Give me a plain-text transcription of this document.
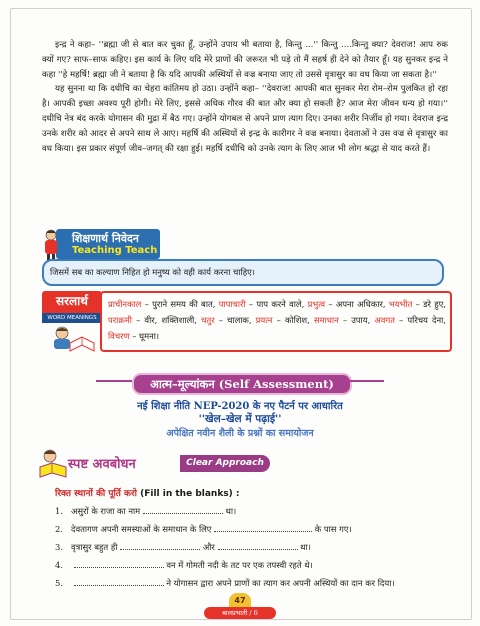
इन्द्र ने कहा– ''ब्रह्मा जी से बात कर चुका हूँ, उन्होंने उपाय भी बताया है, किन्तु ...'' किन्तु ....किन्तु क्या? देवराज! आप रुक क्यों गए? साफ–साफ कहिए। इस कार्य के लिए यदि मेरे प्राणों की जरूरत भी पड़े तो मैं सहर्ष ही देने को तैयार हूँ। यह सुनकर इन्द्र ने कहा ''हे महर्षि! ब्रह्मा जी ने बताया है कि यदि आपकी अस्थियों से वज्र बनाया जाए तो उससे वृत्रासुर का वध किया जा सकता है।''

यह सुनना था कि दधीचि का चेहरा कांतिमय हो उठा। उन्होंने कहा– ''देवराज! आपकी बात सुनकर मेरा रोम–रोम पुलकित हो रहा है। आपकी इच्छा अवश्य पूरी होगी। मेरे लिए, इससे अधिक गौरव की बात और क्या हो सकती है? आज मेरा जीवन धन्य हो गया।'' दधीचि नेत्र बंद करके योगासन की मुद्रा में बैठ गए। उन्होंने योगबल से अपने प्राण त्याग दिए। उनका शरीर निर्जीव हो गया। देवराज इन्द्र उनके शरीर को आदर से अपने साथ ले आए। महर्षि की अस्थियों से इन्द्र के कारीगर ने वज्र बनाया। देवताओं ने उस वज्र से वृत्रासुर का वध किया। इस प्रकार संपूर्ण जीव–जगत् की रक्षा हुई। महर्षि दधीचि को उनके त्याग के लिए आज भी लोग श्रद्धा से याद करते हैं।

शिक्षणार्थ निवेदन
Teaching Teach
जिसमें सब का कल्याण निहित हो मनुष्य को वही कार्य करना चाहिए।
सरलार्थ
WORD MEANINGS
प्राचीनकाल – पुराने समय की बात, पापाचारी – पाप करने वाले, प्रभुत्व – अपना अधिकार, भयभीत – डरे हुए, पराक्रमी – वीर, शक्तिशाली, चतुर – चालाक, प्रयत्न – कोशिश, समाधान – उपाय, अवगत – परिचय देना, विचरण – घूमना।
आत्म–मूल्यांकन (Self Assessment)
नई शिक्षा नीति NEP-2020 के नए पैटर्न पर आधारित
''खेल–खेल में पढ़ाई''
अपेक्षित नवीन शैली के प्रश्नों का समायोजन
स्पष्ट अवबोधन	Clear Approach
रिक्त स्थानों की पूर्ति करो (Fill in the blanks) :
1. असुरों के राजा का नाम	था।
2. देवतागण अपनी समस्याओं के समाधान के लिए	के पास गए।
3. वृत्रासुर बहुत ही	और	था।
4.	वन में गोमती नदी के तट पर एक तपस्वी रहते थे।
5.	ने योगासन द्वारा अपने प्राणों का त्याग कर अपनी अस्थियों का दान कर दिया।
47
बालप्रभाती / 6
